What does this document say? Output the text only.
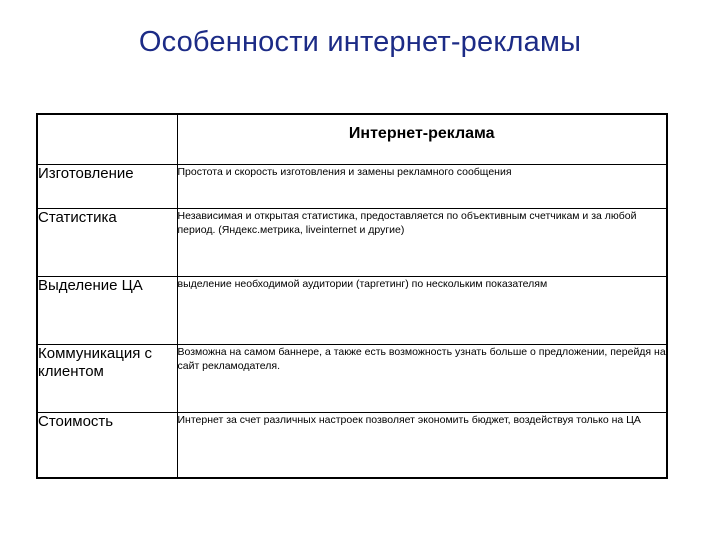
Особенности интернет-рекламы
	Интернет-реклама
Изготовление	Простота и скорость изготовления и замены рекламного сообщения
Статистика	Независимая и открытая статистика, предоставляется по объективным счетчикам и за любой период. (Яндекс.метрика, liveinternet и другие)
Выделение ЦА	выделение необходимой аудитории (таргетинг) по нескольким показателям
Коммуникация с клиентом	Возможна на самом баннере, а также есть возможность узнать больше о предложении, перейдя на сайт рекламодателя.
Стоимость	Интернет за счет различных настроек позволяет экономить бюджет, воздействуя только на ЦА
